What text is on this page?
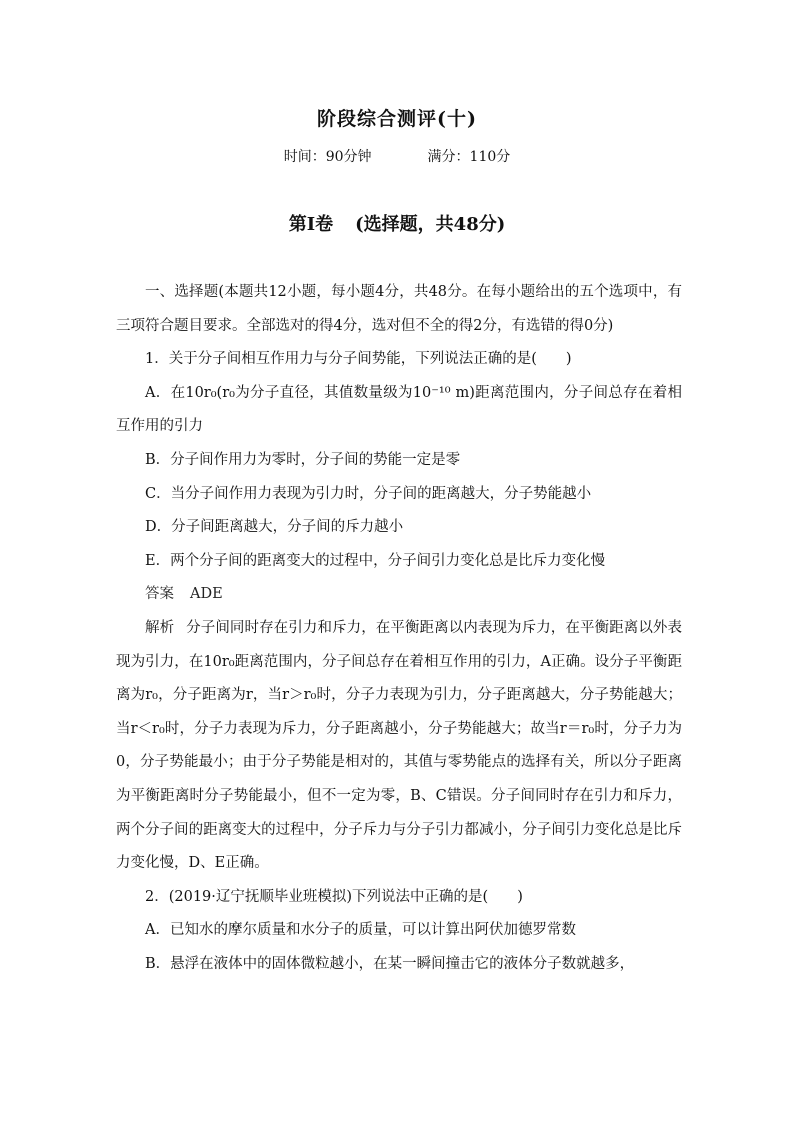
阶段综合测评(十)
时间：90分钟	满分：110分
第Ⅰ卷 (选择题，共48分)

一、选择题(本题共12小题，每小题4分，共48分。在每小题给出的五个选项中，有三项符合题目要求。全部选对的得4分，选对但不全的得2分，有选错的得0分)

1．关于分子间相互作用力与分子间势能，下列说法正确的是(　　)

A．在10r₀(r₀为分子直径，其值数量级为10⁻¹⁰ m)距离范围内，分子间总存在着相互作用的引力

B．分子间作用力为零时，分子间的势能一定是零

C．当分子间作用力表现为引力时，分子间的距离越大，分子势能越小

D．分子间距离越大，分子间的斥力越小

E．两个分子间的距离变大的过程中，分子间引力变化总是比斥力变化慢

答案 ADE

解析 分子间同时存在引力和斥力，在平衡距离以内表现为斥力，在平衡距离以外表现为引力，在10r₀距离范围内，分子间总存在着相互作用的引力，A正确。设分子平衡距离为r₀，分子距离为r，当r＞r₀时，分子力表现为引力，分子距离越大，分子势能越大；当r＜r₀时，分子力表现为斥力，分子距离越小，分子势能越大；故当r＝r₀时，分子力为0，分子势能最小；由于分子势能是相对的，其值与零势能点的选择有关，所以分子距离为平衡距离时分子势能最小，但不一定为零，B、C错误。分子间同时存在引力和斥力，两个分子间的距离变大的过程中，分子斥力与分子引力都减小，分子间引力变化总是比斥力变化慢，D、E正确。

2．(2019·辽宁抚顺毕业班模拟)下列说法中正确的是(　　)

A．已知水的摩尔质量和水分子的质量，可以计算出阿伏加德罗常数

B．悬浮在液体中的固体微粒越小，在某一瞬间撞击它的液体分子数就越多，
